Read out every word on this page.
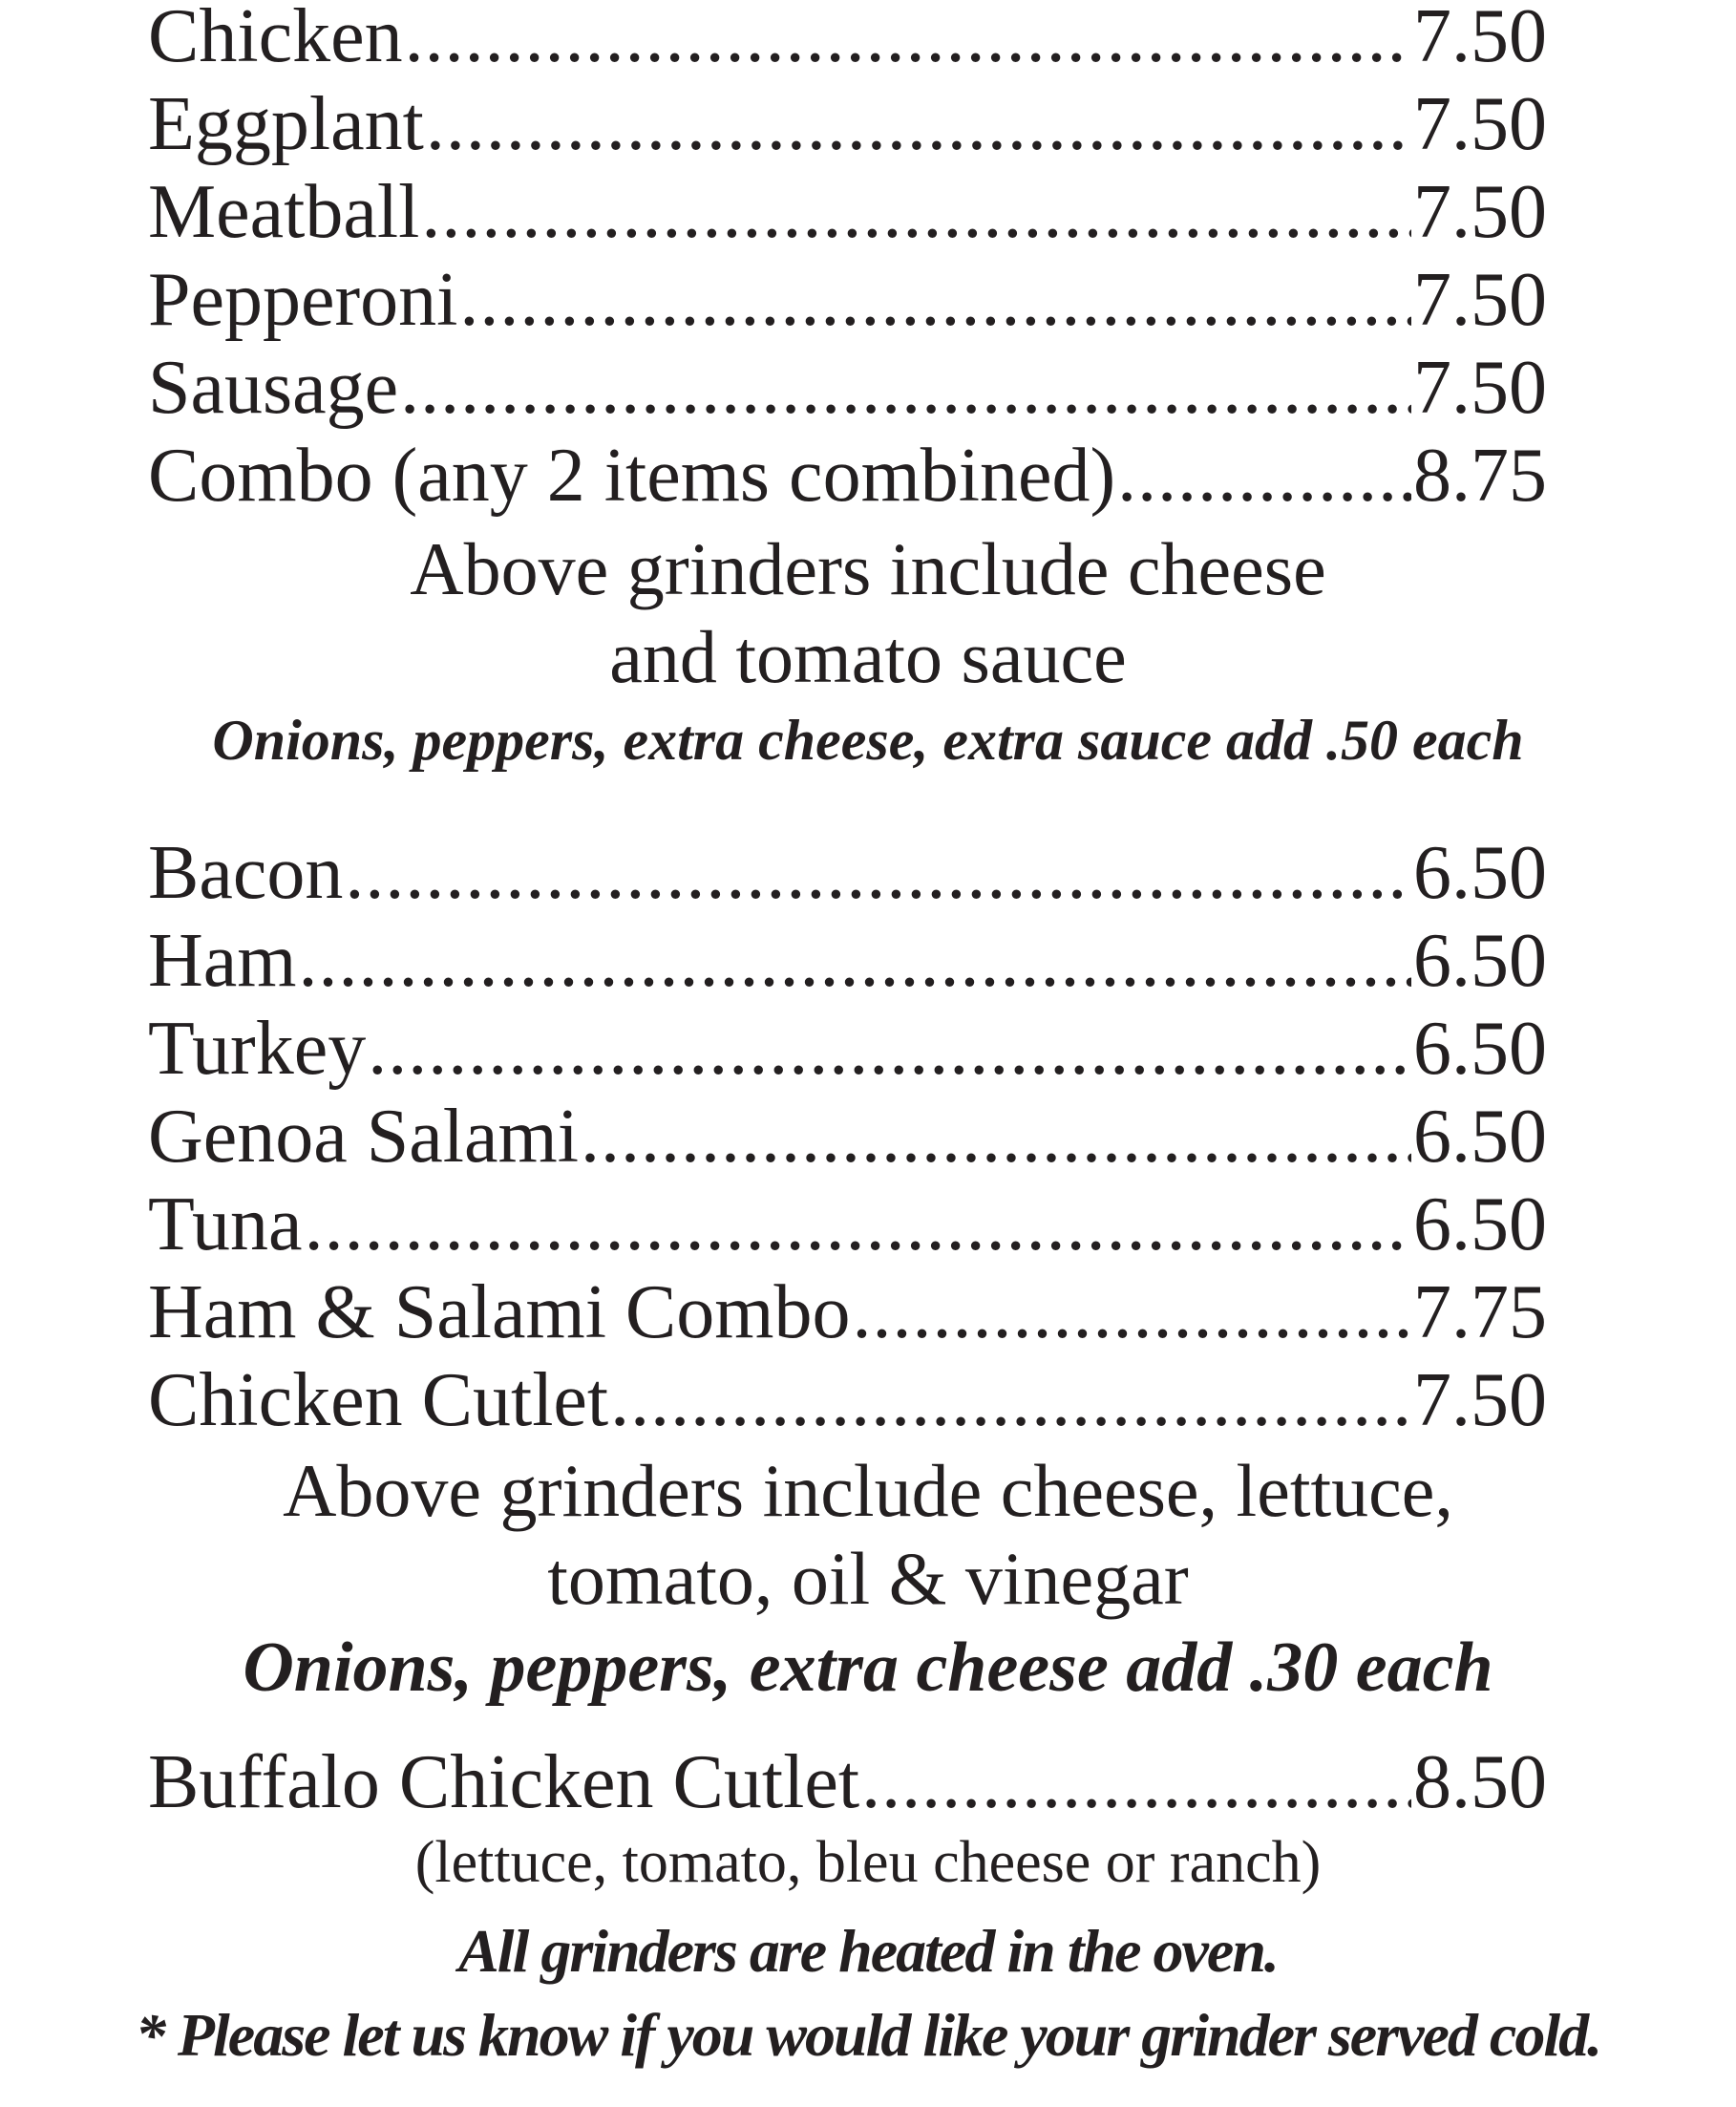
Chicken .....	7.50
Eggplant .....	7.50
Meatball .....	7.50
Pepperoni .....	7.50
Sausage .....	7.50
Combo (any 2 items combined) .....	8.75
Above grinders include cheese
and tomato sauce
Onions, peppers, extra cheese, extra sauce add .50 each
Bacon .....	6.50
Ham .....	6.50
Turkey .....	6.50
Genoa Salami .....	6.50
Tuna .....	6.50
Ham & Salami Combo .....	7.75
Chicken Cutlet .....	7.50
Above grinders include cheese, lettuce,
tomato, oil & vinegar
Onions, peppers, extra cheese add .30 each
Buffalo Chicken Cutlet .....	8.50
(lettuce, tomato, bleu cheese or ranch)
All grinders are heated in the oven.
* Please let us know if you would like your grinder served cold.
